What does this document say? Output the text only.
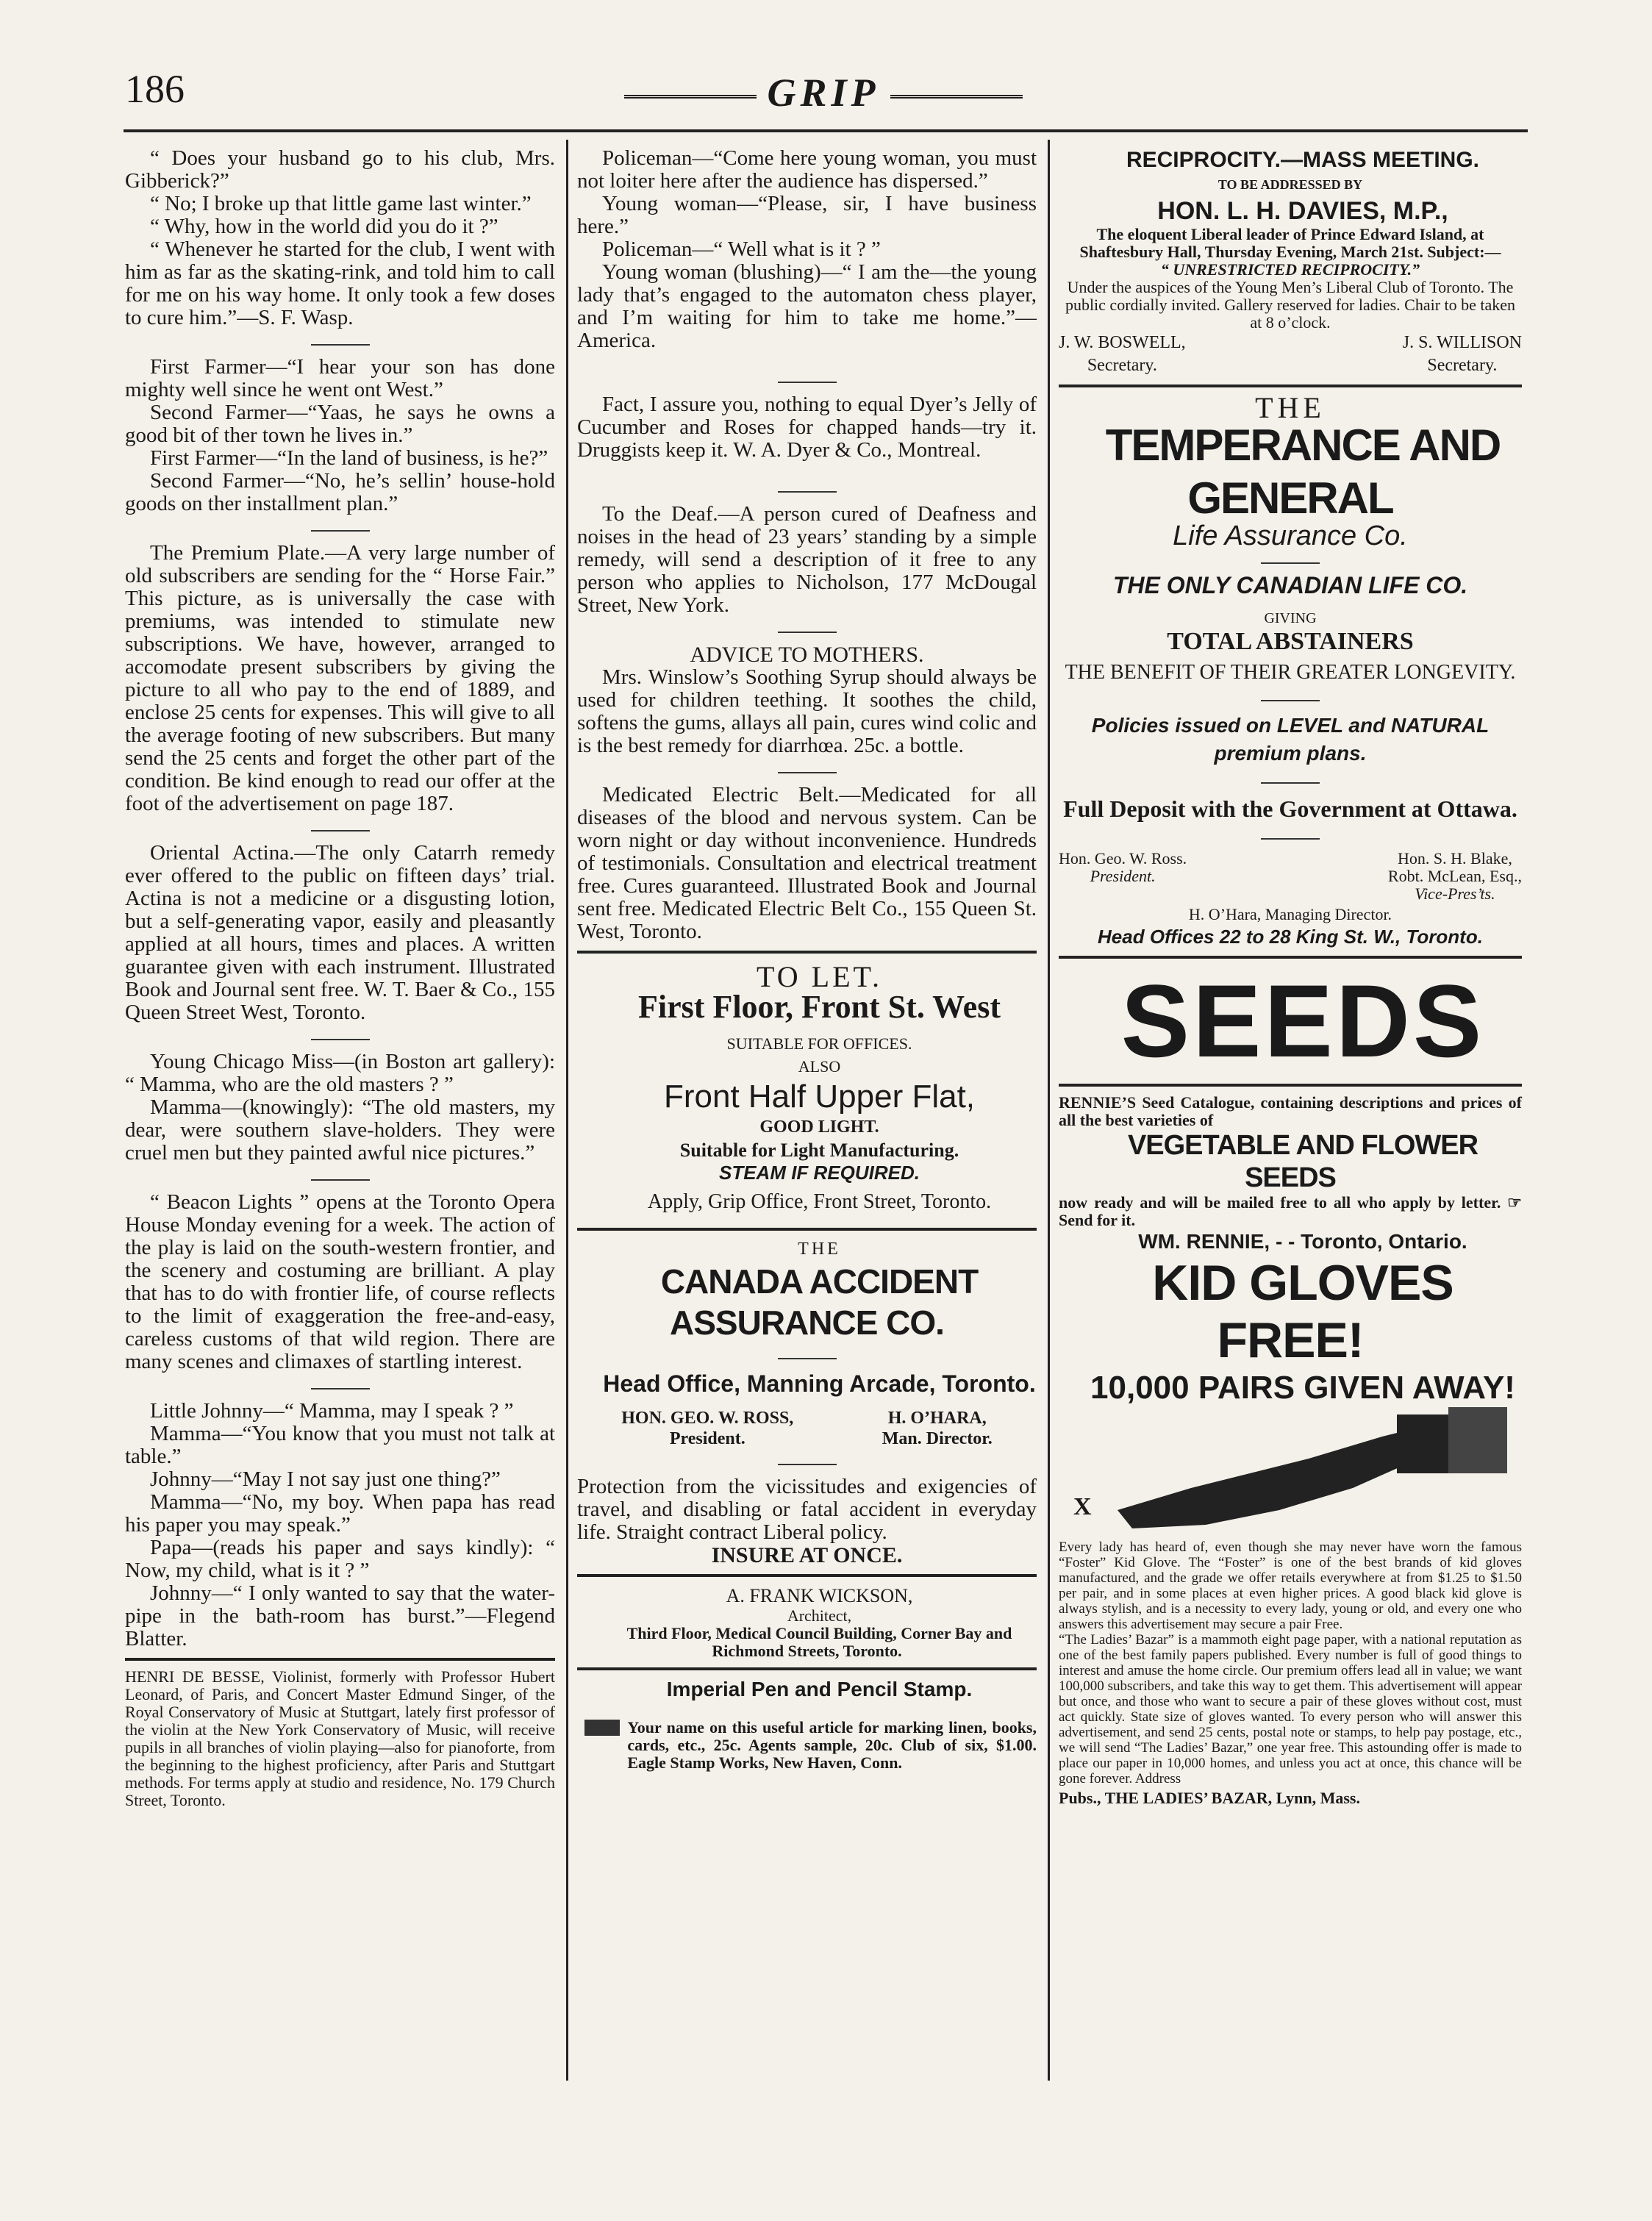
186	GRIP

“ Does your husband go to his club, Mrs. Gibberick?”

“ No; I broke up that little game last winter.”

“ Why, how in the world did you do it ?”

“ Whenever he started for the club, I went with him as far as the skating-rink, and told him to call for me on his way home. It only took a few doses to cure him.”—S. F. Wasp.

First Farmer—“I hear your son has done mighty well since he went ont West.”

Second Farmer—“Yaas, he says he owns a good bit of ther town he lives in.”

First Farmer—“In the land of business, is he?”

Second Farmer—“No, he’s sellin’ house-hold goods on ther installment plan.”

The Premium Plate.—A very large number of old subscribers are sending for the “ Horse Fair.” This picture, as is universally the case with premiums, was intended to stimulate new subscriptions. We have, however, arranged to accomodate present subscribers by giving the picture to all who pay to the end of 1889, and enclose 25 cents for expenses. This will give to all the average footing of new subscribers. But many send the 25 cents and forget the other part of the condition. Be kind enough to read our offer at the foot of the advertisement on page 187.

Oriental Actina.—The only Catarrh remedy ever offered to the public on fifteen days’ trial. Actina is not a medicine or a disgusting lotion, but a self-generating vapor, easily and pleasantly applied at all hours, times and places. A written guarantee given with each instrument. Illustrated Book and Journal sent free. W. T. Baer & Co., 155 Queen Street West, Toronto.

Young Chicago Miss—(in Boston art gallery): “ Mamma, who are the old masters ? ”

Mamma—(knowingly): “The old masters, my dear, were southern slave-holders. They were cruel men but they painted awful nice pictures.”

“ Beacon Lights ” opens at the Toronto Opera House Monday evening for a week. The action of the play is laid on the south-western frontier, and the scenery and costuming are brilliant. A play that has to do with frontier life, of course reflects to the limit of exaggeration the free-and-easy, careless customs of that wild region. There are many scenes and climaxes of startling interest.

Little Johnny—“ Mamma, may I speak ? ”

Mamma—“You know that you must not talk at table.”

Johnny—“May I not say just one thing?”

Mamma—“No, my boy. When papa has read his paper you may speak.”

Papa—(reads his paper and says kindly): “ Now, my child, what is it ? ”

Johnny—“ I only wanted to say that the water-pipe in the bath-room has burst.”—Flegend Blatter.

HENRI DE BESSE, Violinist, formerly with Professor Hubert Leonard, of Paris, and Concert Master Edmund Singer, of the Royal Conservatory of Music at Stuttgart, lately first professor of the violin at the New York Conservatory of Music, will receive pupils in all branches of violin playing—also for pianoforte, from the beginning to the highest proficiency, after Paris and Stuttgart methods. For terms apply at studio and residence, No. 179 Church Street, Toronto.

Policeman—“Come here young woman, you must not loiter here after the audience has dispersed.”

Young woman—“Please, sir, I have business here.”

Policeman—“ Well what is it ? ”

Young woman (blushing)—“ I am the—the young lady that’s engaged to the automaton chess player, and I’m waiting for him to take me home.”—America.

Fact, I assure you, nothing to equal Dyer’s Jelly of Cucumber and Roses for chapped hands—try it. Druggists keep it. W. A. Dyer & Co., Montreal.

To the Deaf.—A person cured of Deafness and noises in the head of 23 years’ standing by a simple remedy, will send a description of it free to any person who applies to Nicholson, 177 McDougal Street, New York.

ADVICE TO MOTHERS.

Mrs. Winslow’s Soothing Syrup should always be used for children teething. It soothes the child, softens the gums, allays all pain, cures wind colic and is the best remedy for diarrhœa. 25c. a bottle.

Medicated Electric Belt.—Medicated for all diseases of the blood and nervous system. Can be worn night or day without inconvenience. Hundreds of testimonials. Consultation and electrical treatment free. Cures guaranteed. Illustrated Book and Journal sent free. Medicated Electric Belt Co., 155 Queen St. West, Toronto.

TO LET.

First Floor, Front St. West

SUITABLE FOR OFFICES.

ALSO

Front Half Upper Flat,

GOOD LIGHT.

Suitable for Light Manufacturing.

STEAM IF REQUIRED.

Apply, Grip Office, Front Street, Toronto.

THE

CANADA ACCIDENT ASSURANCE CO.

Head Office, Manning Arcade, Toronto.

HON. GEO. W. ROSS,
President.
H. O’HARA,
Man. Director.

Protection from the vicissitudes and exigencies of travel, and disabling or fatal accident in everyday life. Straight contract Liberal policy.

INSURE AT ONCE.

A. FRANK WICKSON,

Architect,

Third Floor, Medical Council Building, Corner Bay and Richmond Streets, Toronto.

Imperial Pen and Pencil Stamp.

Your name on this useful article for marking linen, books, cards, etc., 25c. Agents sample, 20c. Club of six, $1.00. Eagle Stamp Works, New Haven, Conn.

RECIPROCITY.—MASS MEETING.

TO BE ADDRESSED BY

HON. L. H. DAVIES, M.P.,

The eloquent Liberal leader of Prince Edward Island, at Shaftesbury Hall, Thursday Evening, March 21st. Subject:—

“ UNRESTRICTED RECIPROCITY.”

Under the auspices of the Young Men’s Liberal Club of Toronto. The public cordially invited. Gallery reserved for ladies. Chair to be taken at 8 o’clock.

J. W. BOSWELL,
Secretary.
J. S. WILLISON
Secretary.

THE

TEMPERANCE AND GENERAL

Life Assurance Co.

THE ONLY CANADIAN LIFE CO.

GIVING

TOTAL ABSTAINERS

THE BENEFIT OF THEIR GREATER LONGEVITY.

Policies issued on LEVEL and NATURAL premium plans.

Full Deposit with the Government at Ottawa.

Hon. Geo. W. Ross.
President.
Hon. S. H. Blake,
Robt. McLean, Esq.,
Vice-Pres’ts.

H. O’Hara, Managing Director.

Head Offices 22 to 28 King St. W., Toronto.

SEEDS

RENNIE’S Seed Catalogue, containing descriptions and prices of all the best varieties of

VEGETABLE AND FLOWER SEEDS

now ready and will be mailed free to all who apply by letter. ☞ Send for it.

WM. RENNIE, - - Toronto, Ontario.

KID GLOVES FREE!

10,000 PAIRS GIVEN AWAY!

X

Every lady has heard of, even though she may never have worn the famous “Foster” Kid Glove. The “Foster” is one of the best brands of kid gloves manufactured, and the grade we offer retails everywhere at from $1.25 to $1.50 per pair, and in some places at even higher prices. A good black kid glove is always stylish, and is a necessity to every lady, young or old, and every one who answers this advertisement may secure a pair Free.

“The Ladies’ Bazar” is a mammoth eight page paper, with a national reputation as one of the best family papers published. Every number is full of good things to interest and amuse the home circle. Our premium offers lead all in value; we want 100,000 subscribers, and take this way to get them. This advertisement will appear but once, and those who want to secure a pair of these gloves without cost, must act quickly. State size of gloves wanted. To every person who will answer this advertisement, and send 25 cents, postal note or stamps, to help pay postage, etc., we will send “The Ladies’ Bazar,” one year free. This astounding offer is made to place our paper in 10,000 homes, and unless you act at once, this chance will be gone forever. Address

Pubs., THE LADIES’ BAZAR, Lynn, Mass.
